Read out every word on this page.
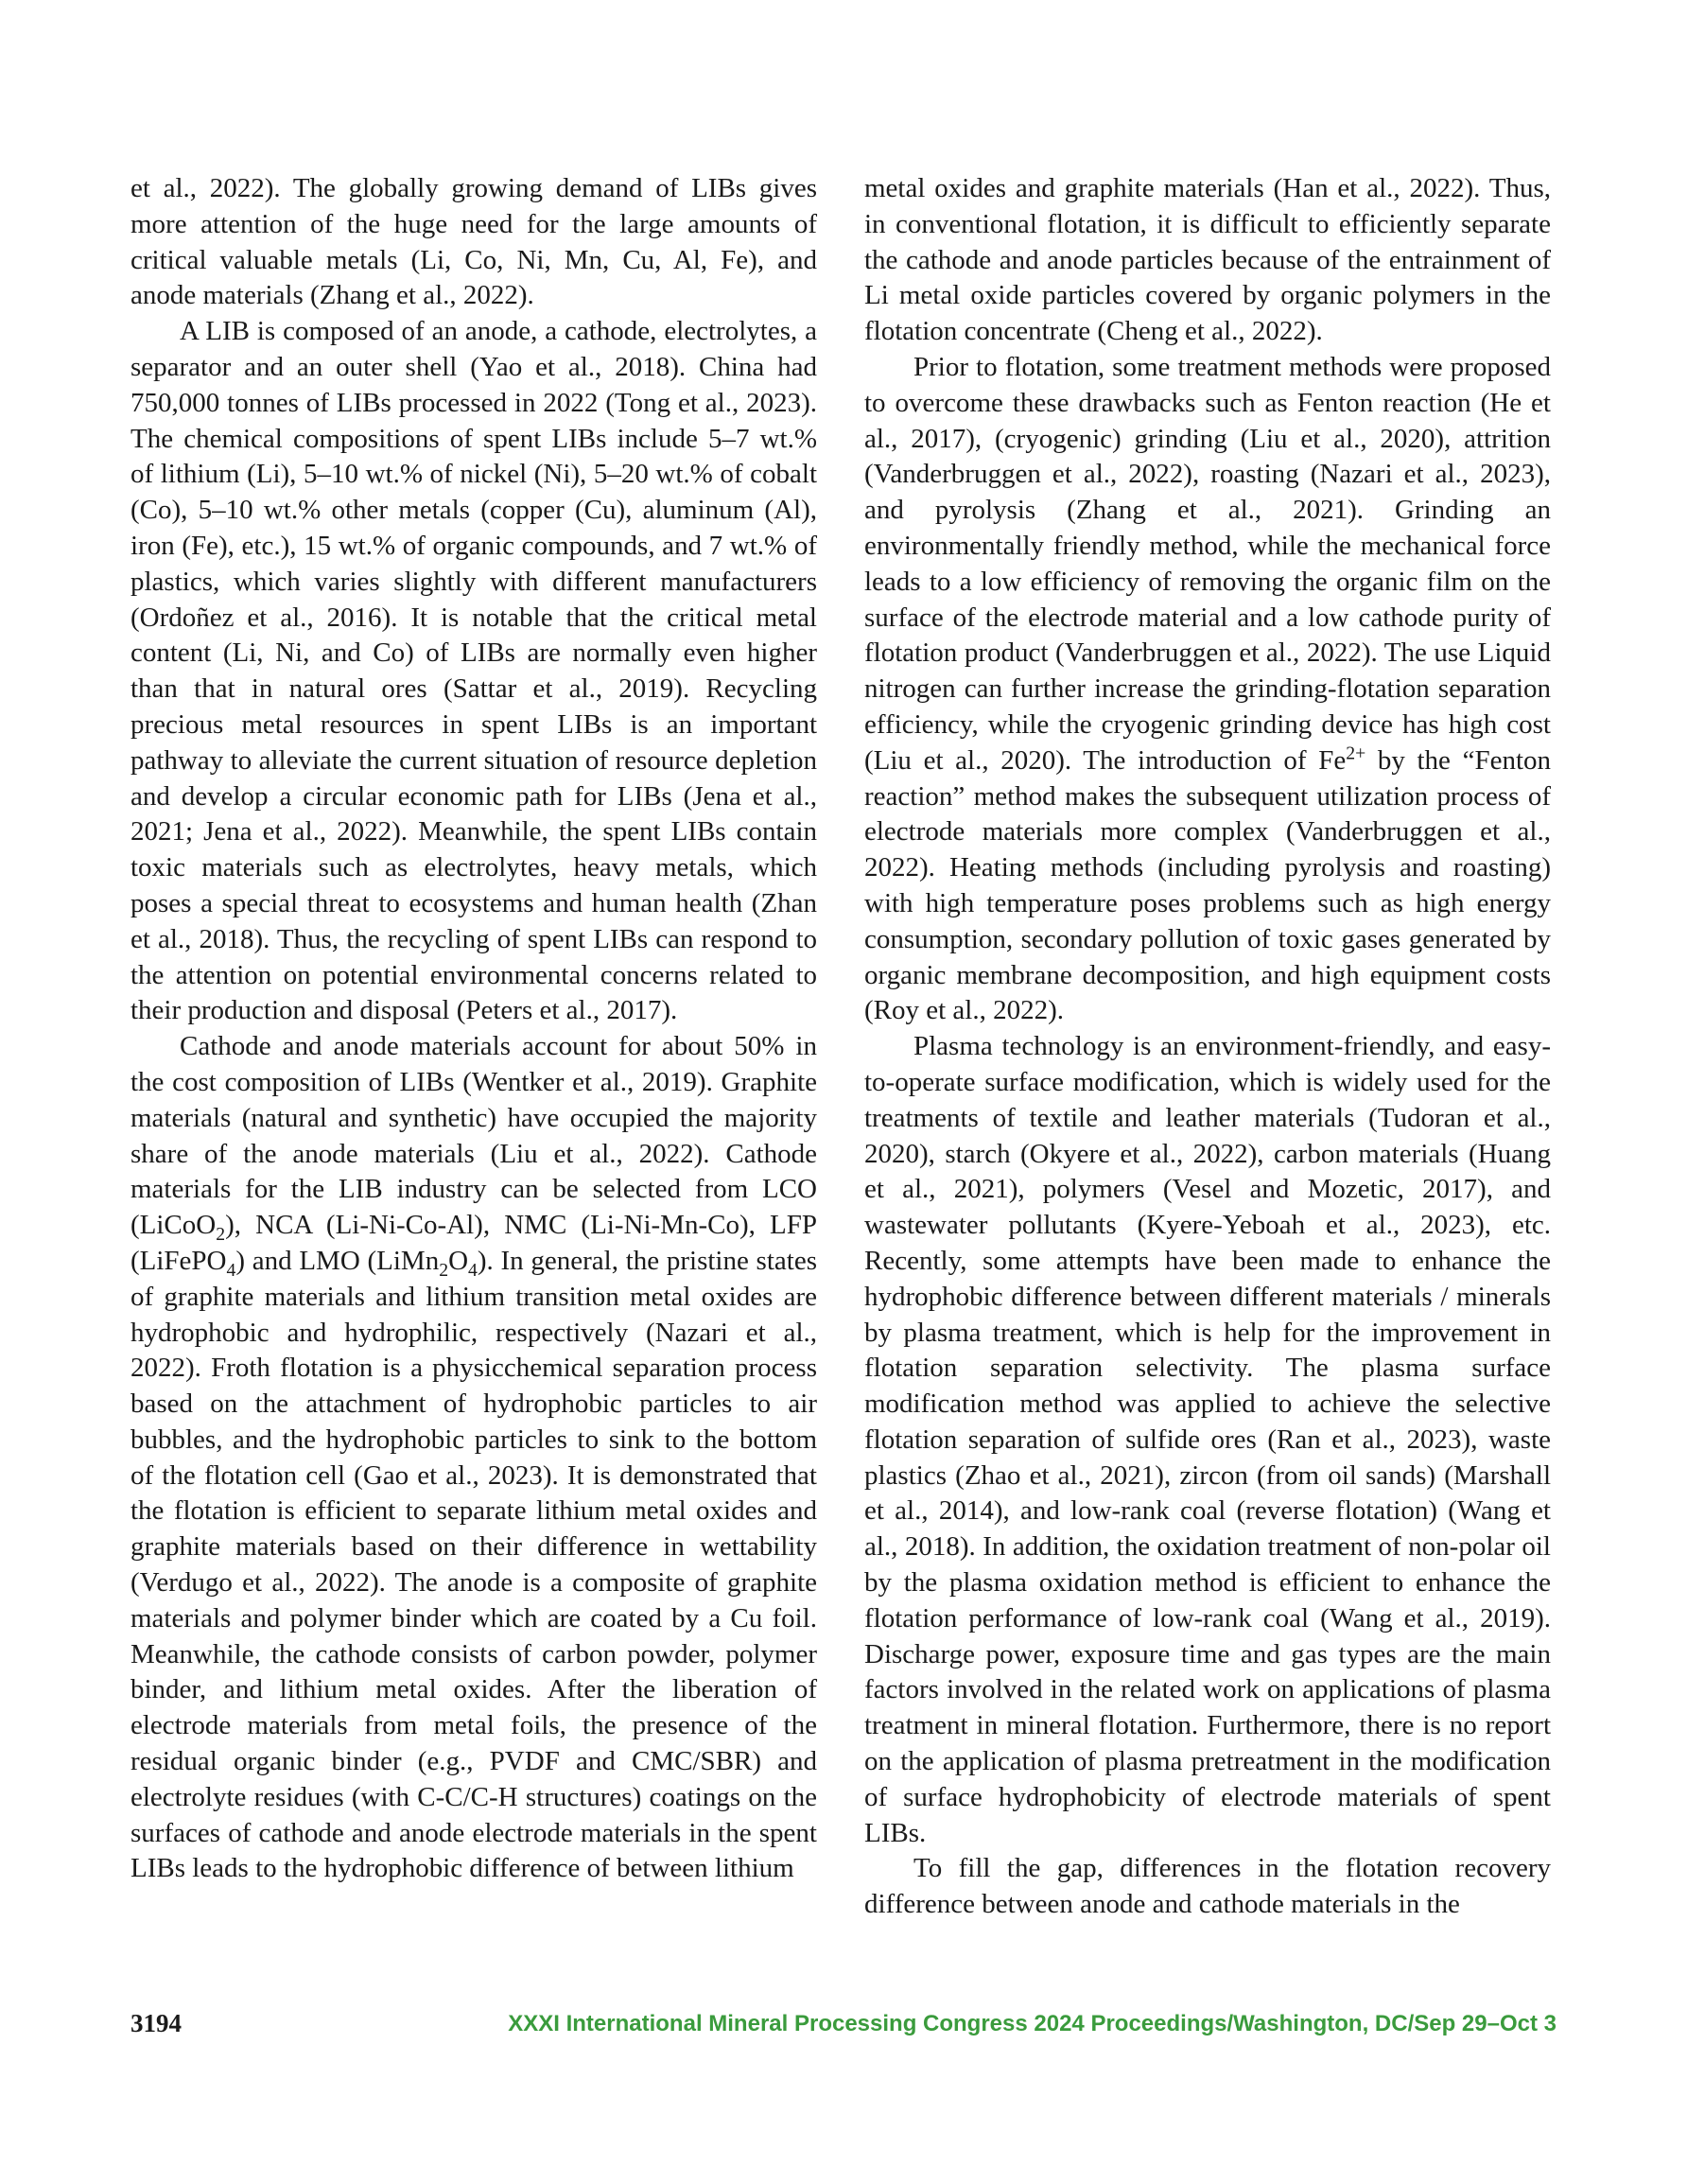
et al., 2022). The globally growing demand of LIBs gives more attention of the huge need for the large amounts of critical valuable metals (Li, Co, Ni, Mn, Cu, Al, Fe), and anode materials (Zhang et al., 2022).

A LIB is composed of an anode, a cathode, electrolytes, a separator and an outer shell (Yao et al., 2018). China had 750,000 tonnes of LIBs processed in 2022 (Tong et al., 2023). The chemical compositions of spent LIBs include 5–7 wt.% of lithium (Li), 5–10 wt.% of nickel (Ni), 5–20 wt.% of cobalt (Co), 5–10 wt.% other metals (copper (Cu), aluminum (Al), iron (Fe), etc.), 15 wt.% of organic compounds, and 7 wt.% of plastics, which varies slightly with different manufacturers (Ordoñez et al., 2016). It is notable that the critical metal content (Li, Ni, and Co) of LIBs are normally even higher than that in natural ores (Sattar et al., 2019). Recycling precious metal resources in spent LIBs is an important pathway to alleviate the current situation of resource depletion and develop a circular economic path for LIBs (Jena et al., 2021; Jena et al., 2022). Meanwhile, the spent LIBs contain toxic materials such as electrolytes, heavy metals, which poses a special threat to ecosystems and human health (Zhan et al., 2018). Thus, the recycling of spent LIBs can respond to the attention on potential environmental concerns related to their production and disposal (Peters et al., 2017).

Cathode and anode materials account for about 50% in the cost composition of LIBs (Wentker et al., 2019). Graphite materials (natural and synthetic) have occupied the majority share of the anode materials (Liu et al., 2022). Cathode materials for the LIB industry can be selected from LCO (LiCoO$_2$), NCA (Li-Ni-Co-Al), NMC (Li-Ni-Mn-Co), LFP (LiFePO$_4$) and LMO $(LiMn_2O_4)$. In general, the pristine states of graphite materials and lithium transition metal oxides are hydrophobic and hydrophilic, respectively (Nazari et al., 2022). Froth flotation is a physicchemical separation process based on the attachment of hydrophobic particles to air bubbles, and the hydrophobic particles to sink to the bottom of the flotation cell (Gao et al., 2023). It is demonstrated that the flotation is efficient to separate lithium metal oxides and graphite materials based on their difference in wettability (Verdugo et al., 2022). The anode is a composite of graphite materials and polymer binder which are coated by a Cu foil. Meanwhile, the cathode consists of carbon powder, polymer binder, and lithium metal oxides. After the liberation of electrode materials from metal foils, the presence of the residual organic binder (e.g., PVDF and CMC/SBR) and electrolyte residues (with C-C/C-H structures) coatings on the surfaces of cathode and anode electrode materials in the spent LIBs leads to the hydrophobic difference of between lithium

metal oxides and graphite materials (Han et al., 2022). Thus, in conventional flotation, it is difficult to efficiently separate the cathode and anode particles because of the entrainment of Li metal oxide particles covered by organic polymers in the flotation concentrate (Cheng et al., 2022).

Prior to flotation, some treatment methods were proposed to overcome these drawbacks such as Fenton reaction (He et al., 2017), (cryogenic) grinding (Liu et al., 2020), attrition (Vanderbruggen et al., 2022), roasting (Nazari et al., 2023), and pyrolysis (Zhang et al., 2021). Grinding an environmentally friendly method, while the mechanical force leads to a low efficiency of removing the organic film on the surface of the electrode material and a low cathode purity of flotation product (Vanderbruggen et al., 2022). The use Liquid nitrogen can further increase the grinding-flotation separation efficiency, while the cryogenic grinding device has high cost (Liu et al., 2020). The introduction of $Fe^{2+}$ by the “Fenton reaction” method makes the subsequent utilization process of electrode materials more complex (Vanderbruggen et al., 2022). Heating methods (including pyrolysis and roasting) with high temperature poses problems such as high energy consumption, secondary pollution of toxic gases generated by organic membrane decomposition, and high equipment costs (Roy et al., 2022).

Plasma technology is an environment-friendly, and easy-to-operate surface modification, which is widely used for the treatments of textile and leather materials (Tudoran et al., 2020), starch (Okyere et al., 2022), carbon materials (Huang et al., 2021), polymers (Vesel and Mozetic, 2017), and wastewater pollutants (Kyere-Yeboah et al., 2023), etc. Recently, some attempts have been made to enhance the hydrophobic difference between different materials / minerals by plasma treatment, which is help for the improvement in flotation separation selectivity. The plasma surface modification method was applied to achieve the selective flotation separation of sulfide ores (Ran et al., 2023), waste plastics (Zhao et al., 2021), zircon (from oil sands) (Marshall et al., 2014), and low-rank coal (reverse flotation) (Wang et al., 2018). In addition, the oxidation treatment of non-polar oil by the plasma oxidation method is efficient to enhance the flotation performance of low-rank coal (Wang et al., 2019). Discharge power, exposure time and gas types are the main factors involved in the related work on applications of plasma treatment in mineral flotation. Furthermore, there is no report on the application of plasma pretreatment in the modification of surface hydrophobicity of electrode materials of spent LIBs.

To fill the gap, differences in the flotation recovery difference between anode and cathode materials in the

3194	XXXI International Mineral Processing Congress 2024 Proceedings/Washington, DC/Sep 29–Oct 3
